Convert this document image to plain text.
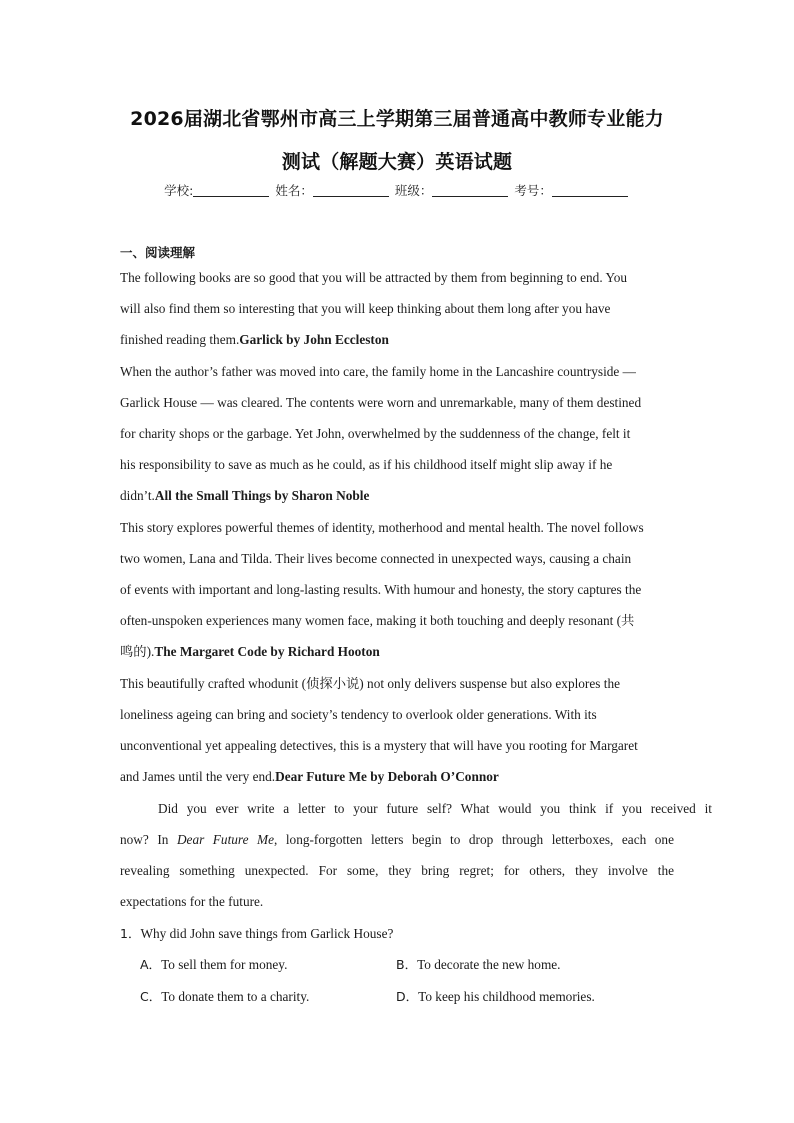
2026届湖北省鄂州市高三上学期第三届普通高中教师专业能力
测试（解题大赛）英语试题
学校:	姓名：	班级：	考号：
一、阅读理解
The following books are so good that you will be attracted by them from beginning to end. You
will also find them so interesting that you will keep thinking about them long after you have
finished reading them.Garlick by John Eccleston
When the author’s father was moved into care, the family home in the Lancashire countryside —
Garlick House — was cleared. The contents were worn and unremarkable, many of them destined
for charity shops or the garbage. Yet John, overwhelmed by the suddenness of the change, felt it
his responsibility to save as much as he could, as if his childhood itself might slip away if he
didn’t.All the Small Things by Sharon Noble
This story explores powerful themes of identity, motherhood and mental health. The novel follows
two women, Lana and Tilda. Their lives become connected in unexpected ways, causing a chain
of events with important and long-lasting results. With humour and honesty, the story captures the
often-unspoken experiences many women face, making it both touching and deeply resonant (共
鸣的).The Margaret Code by Richard Hooton
This beautifully crafted whodunit (侦探小说) not only delivers suspense but also explores the
loneliness ageing can bring and society’s tendency to overlook older generations. With its
unconventional yet appealing detectives, this is a mystery that will have you rooting for Margaret
and James until the very end.Dear Future Me by Deborah O’Connor
Did you ever write a letter to your future self? What would you think if you received it
now? In Dear Future Me, long-forgotten letters begin to drop through letterboxes, each one
revealing something unexpected. For some, they bring regret; for others, they involve the
expectations for the future.
1．Why did John save things from Garlick House?
A．To sell them for money.	B．To decorate the new home.
C．To donate them to a charity.	D．To keep his childhood memories.
